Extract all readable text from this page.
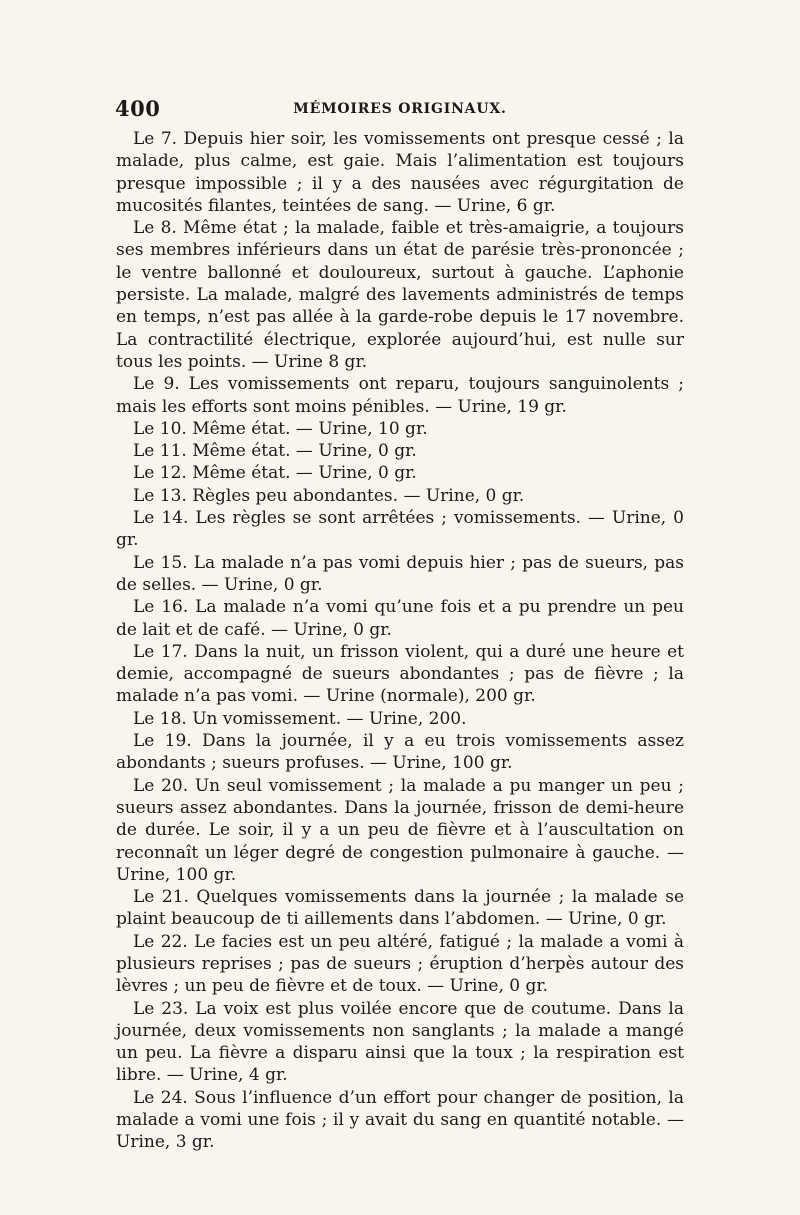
400	MÉMOIRES ORIGINAUX.

Le 7. Depuis hier soir, les vomissements ont presque cessé ; la malade, plus calme, est gaie. Mais l’alimentation est toujours presque impossible ; il y a des nausées avec régurgitation de mucosités filantes, teintées de sang. — Urine, 6 gr.

Le 8. Même état ; la malade, faible et très-amaigrie, a toujours ses membres inférieurs dans un état de parésie très-prononcée ; le ventre ballonné et douloureux, surtout à gauche. L’aphonie persiste. La malade, malgré des lavements administrés de temps en temps, n’est pas allée à la garde-robe depuis le 17 novembre. La contractilité électrique, explorée aujourd’hui, est nulle sur tous les points. — Urine 8 gr.

Le 9. Les vomissements ont reparu, toujours sanguinolents ; mais les efforts sont moins pénibles. — Urine, 19 gr.

Le 10. Même état. — Urine, 10 gr.

Le 11. Même état. — Urine, 0 gr.

Le 12. Même état. — Urine, 0 gr.

Le 13. Règles peu abondantes. — Urine, 0 gr.

Le 14. Les règles se sont arrêtées ; vomissements. — Urine, 0 gr.

Le 15. La malade n’a pas vomi depuis hier ; pas de sueurs, pas de selles. — Urine, 0 gr.

Le 16. La malade n’a vomi qu’une fois et a pu prendre un peu de lait et de café. — Urine, 0 gr.

Le 17. Dans la nuit, un frisson violent, qui a duré une heure et demie, accompagné de sueurs abondantes ; pas de fièvre ; la malade n’a pas vomi. — Urine (normale), 200 gr.

Le 18. Un vomissement. — Urine, 200.

Le 19. Dans la journée, il y a eu trois vomissements assez abondants ; sueurs profuses. — Urine, 100 gr.

Le 20. Un seul vomissement ; la malade a pu manger un peu ; sueurs assez abondantes. Dans la journée, frisson de demi-heure de durée. Le soir, il y a un peu de fièvre et à l’auscultation on reconnaît un léger degré de congestion pulmonaire à gauche. — Urine, 100 gr.

Le 21. Quelques vomissements dans la journée ; la malade se plaint beaucoup de ti aillements dans l’abdomen. — Urine, 0 gr.

Le 22. Le facies est un peu altéré, fatigué ; la malade a vomi à plusieurs reprises ; pas de sueurs ; éruption d’herpès autour des lèvres ; un peu de fièvre et de toux. — Urine, 0 gr.

Le 23. La voix est plus voilée encore que de coutume. Dans la journée, deux vomissements non sanglants ; la malade a mangé un peu. La fièvre a disparu ainsi que la toux ; la respiration est libre. — Urine, 4 gr.

Le 24. Sous l’influence d’un effort pour changer de position, la malade a vomi une fois ; il y avait du sang en quantité notable. — Urine, 3 gr.
